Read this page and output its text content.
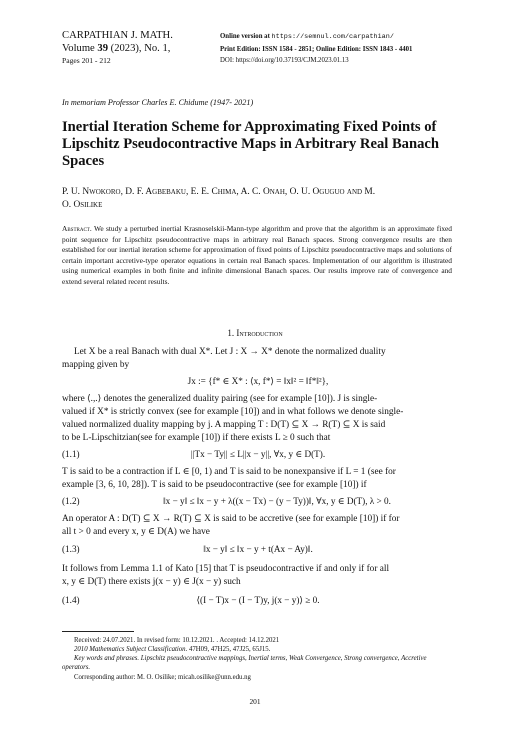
CARPATHIAN J. MATH.
Volume 39 (2023), No. 1,
Pages 201 - 212
Online version at https://semnul.com/carpathian/
Print Edition: ISSN 1584 - 2851; Online Edition: ISSN 1843 - 4401
DOI: https://doi.org/10.37193/CJM.2023.01.13
In memoriam Professor Charles E. Chidume (1947- 2021)
Inertial Iteration Scheme for Approximating Fixed Points of Lipschitz Pseudocontractive Maps in Arbitrary Real Banach Spaces
P. U. Nwokoro, D. F. Agbebaku, E. E. Chima, A. C. Onah, O. U. Oguguo and M.
O. Osilike
Abstract. We study a perturbed inertial Krasnoselskii-Mann-type algorithm and prove that the algorithm is an approximate fixed point sequence for Lipschitz pseudocontractive maps in arbitrary real Banach spaces. Strong convergence results are then established for our inertial iteration scheme for approximation of fixed points of Lipschitz pseudocontractive maps and solutions of certain important accretive-type operator equations in certain real Banach spaces. Implementation of our algorithm is illustrated using numerical examples in both finite and infinite dimensional Banach spaces. Our results improve rate of convergence and extend several related recent results.
1. Introduction
Let X be a real Banach with dual X*. Let J : X → X* denote the normalized duality
mapping given by
Jx := {f* ∈ X* : ⟨x, f*⟩ = ‖x‖² = ‖f*‖²},
where ⟨.,.⟩ denotes the generalized duality pairing (see for example [10]). J is single-
valued if X* is strictly convex (see for example [10]) and in what follows we denote single-
valued normalized duality mapping by j. A mapping T : D(T) ⊆ X → R(T) ⊆ X is said
to be L-Lipschitzian(see for example [10]) if there exists L ≥ 0 such that
(1.1)	||Tx − Ty|| ≤ L||x − y||, ∀x, y ∈ D(T).
T is said to be a contraction if L ∈ [0, 1) and T is said to be nonexpansive if L = 1 (see for
example [3, 6, 10, 28]). T is said to be pseudocontractive (see for example [10]) if
(1.2)	‖x − y‖ ≤ ‖x − y + λ((x − Tx) − (y − Ty))‖, ∀x, y ∈ D(T), λ > 0.
An operator A : D(T) ⊆ X → R(T) ⊆ X is said to be accretive (see for example [10]) if for
all t > 0 and every x, y ∈ D(A) we have
(1.3)	‖x − y‖ ≤ ‖x − y + t(Ax − Ay)‖.
It follows from Lemma 1.1 of Kato [15] that T is pseudocontractive if and only if for all
x, y ∈ D(T) there exists j(x − y) ∈ J(x − y) such
(1.4)	⟨(I − T)x − (I − T)y, j(x − y)⟩ ≥ 0.
Received: 24.07.2021. In revised form: 10.12.2021. . Accepted: 14.12.2021
2010 Mathematics Subject Classification. 47H09, 47H25, 47J25, 65J15.
Key words and phrases. Lipschitz pseudocontractive mappings, Inertial terms, Weak Convergence, Strong convergence, Accretive operators.
Corresponding author: M. O. Osilike; micah.osilike@unn.edu.ng
201
